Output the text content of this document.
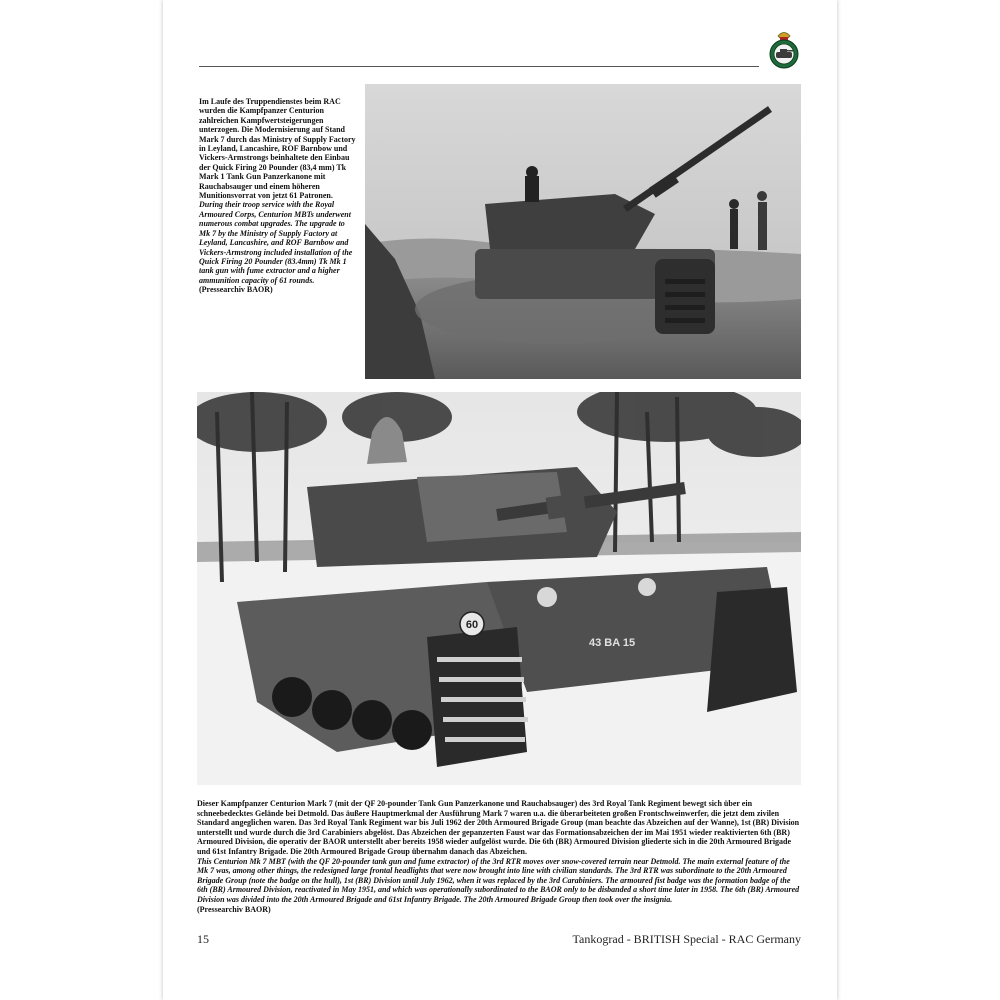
Im Laufe des Truppendienstes beim RAC wurden die Kampfpanzer Centurion zahlreichen Kampfwertsteigerungen unterzogen. Die Modernisierung auf Stand Mark 7 durch das Ministry of Supply Factory in Leyland, Lancashire, ROF Barnbow und Vickers-Armstrongs beinhaltete den Einbau der Quick Firing 20 Pounder (83,4 mm) Tk Mark 1 Tank Gun Panzerkanone mit Rauchabsauger und einem höheren Munitionsvorrat von jetzt 61 Patronen.

During their troop service with the Royal Armoured Corps, Centurion MBTs underwent numerous combat upgrades. The upgrade to Mk 7 by the Ministry of Supply Factory at Leyland, Lancashire, and ROF Barnbow and Vickers-Armstrong included installation of the Quick Firing 20 Pounder (83.4mm) Tk Mk 1 tank gun with fume extractor and a higher ammunition capacity of 61 rounds.

(Pressearchiv BAOR)

60
43 BA 15

Dieser Kampfpanzer Centurion Mark 7 (mit der QF 20-pounder Tank Gun Panzerkanone und Rauchabsauger) des 3rd Royal Tank Regiment bewegt sich über ein schneebedecktes Gelände bei Detmold. Das äußere Hauptmerkmal der Ausführung Mark 7 waren u.a. die überarbeiteten großen Frontschweinwerfer, die jetzt dem zivilen Standard angeglichen waren. Das 3rd Royal Tank Regiment war bis Juli 1962 der 20th Armoured Brigade Group (man beachte das Abzeichen auf der Wanne), 1st (BR) Division unterstellt und wurde durch die 3rd Carabiniers abgelöst. Das Abzeichen der gepanzerten Faust war das Formationsabzeichen der im Mai 1951 wieder reaktivierten 6th (BR) Armoured Division, die operativ der BAOR unterstellt aber bereits 1958 wieder aufgelöst wurde. Die 6th (BR) Armoured Division gliederte sich in die 20th Armoured Brigade und 61st Infantry Brigade. Die 20th Armoured Brigade Group übernahm danach das Abzeichen.

This Centurion Mk 7 MBT (with the QF 20-pounder tank gun and fume extractor) of the 3rd RTR moves over snow-covered terrain near Detmold. The main external feature of the Mk 7 was, among other things, the redesigned large frontal headlights that were now brought into line with civilian standards. The 3rd RTR was subordinate to the 20th Armoured Brigade Group (note the badge on the hull), 1st (BR) Division until July 1962, when it was replaced by the 3rd Carabiniers. The armoured fist badge was the formation badge of the 6th (BR) Armoured Division, reactivated in May 1951, and which was operationally subordinated to the BAOR only to be disbanded a short time later in 1958. The 6th (BR) Armoured Division was divided into the 20th Armoured Brigade and 61st Infantry Brigade. The 20th Armoured Brigade Group then took over the insignia.

(Pressearchiv BAOR)

15	Tankograd - BRITISH Special - RAC Germany
